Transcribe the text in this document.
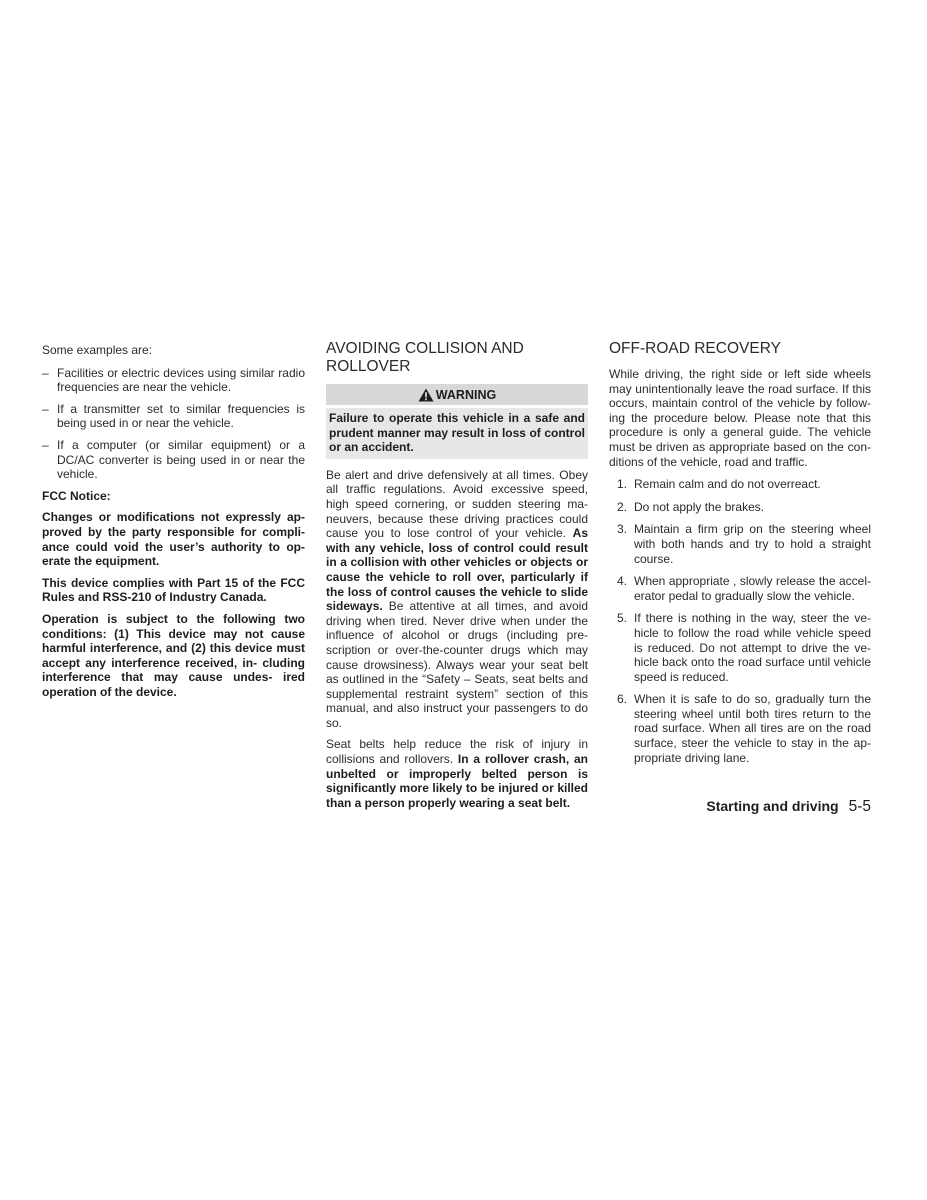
Some examples are:

– Facilities or electric devices using similar radio frequencies are near the vehicle.
– If a transmitter set to similar frequencies is being used in or near the vehicle.
– If a computer (or similar equipment) or a DC/AC converter is being used in or near the vehicle.

FCC Notice:

Changes or modifications not expressly ap- proved by the party responsible for compli- ance could void the user’s authority to op- erate the equipment.

This device complies with Part 15 of the FCC Rules and RSS-210 of Industry Canada.

Operation is subject to the following two conditions: (1) This device may not cause harmful interference, and (2) this device must accept any interference received, in- cluding interference that may cause undes- ired operation of the device.

AVOIDING COLLISION AND ROLLOVER
WARNING
Failure to operate this vehicle in a safe and prudent manner may result in loss of control or an accident.

Be alert and drive defensively at all times. Obey all traffic regulations. Avoid excessive speed, high speed cornering, or sudden steering ma- neuvers, because these driving practices could cause you to lose control of your vehicle. As with any vehicle, loss of control could result in a collision with other vehicles or objects or cause the vehicle to roll over, particularly if the loss of control causes the vehicle to slide sideways. Be attentive at all times, and avoid driving when tired. Never drive when under the influence of alcohol or drugs (including pre- scription or over-the-counter drugs which may cause drowsiness). Always wear your seat belt as outlined in the “Safety – Seats, seat belts and supplemental restraint system” section of this manual, and also instruct your passengers to do so.

Seat belts help reduce the risk of injury in collisions and rollovers. In a rollover crash, an unbelted or improperly belted person is significantly more likely to be injured or killed than a person properly wearing a seat belt.

OFF-ROAD RECOVERY

While driving, the right side or left side wheels may unintentionally leave the road surface. If this occurs, maintain control of the vehicle by follow- ing the procedure below. Please note that this procedure is only a general guide. The vehicle must be driven as appropriate based on the con- ditions of the vehicle, road and traffic.

1. Remain calm and do not overreact.
2. Do not apply the brakes.
3. Maintain a firm grip on the steering wheel with both hands and try to hold a straight course.
4. When appropriate , slowly release the accel- erator pedal to gradually slow the vehicle.
5. If there is nothing in the way, steer the ve- hicle to follow the road while vehicle speed is reduced. Do not attempt to drive the ve- hicle back onto the road surface until vehicle speed is reduced.
6. When it is safe to do so, gradually turn the steering wheel until both tires return to the road surface. When all tires are on the road surface, steer the vehicle to stay in the ap- propriate driving lane.
Starting and driving 5-5
